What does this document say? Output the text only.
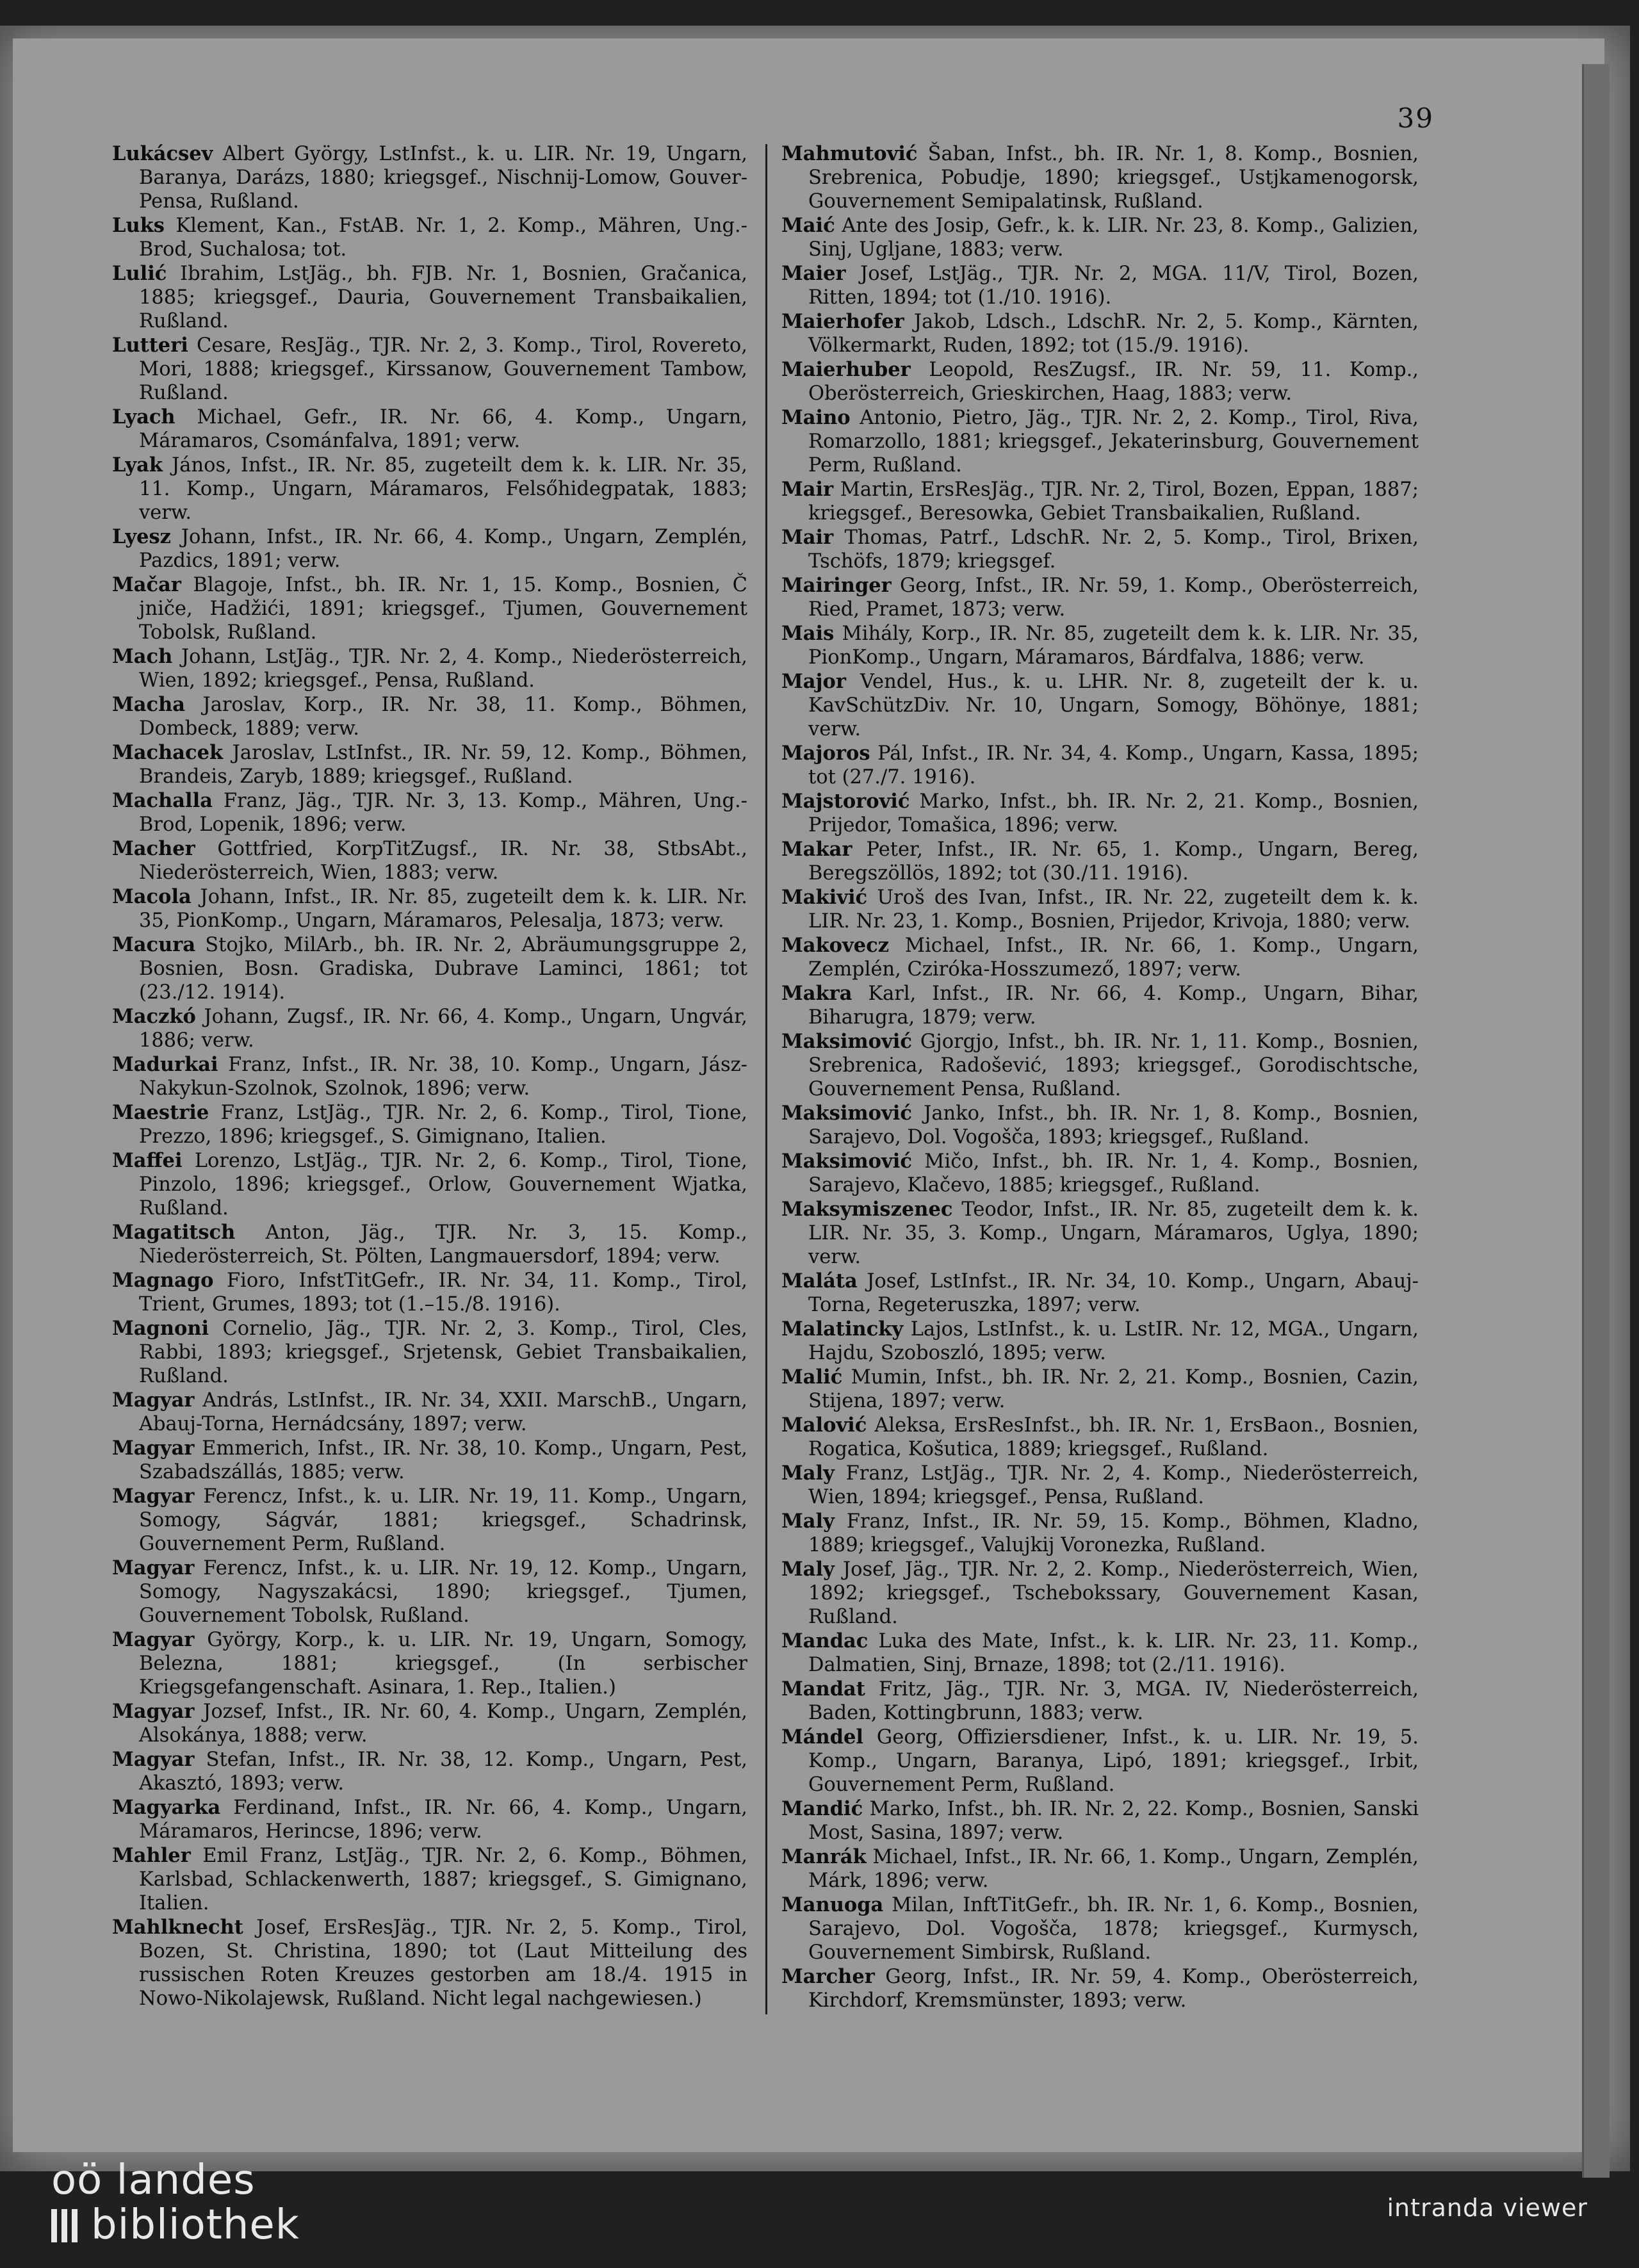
39

Lukácsev Albert György, LstInfst., k. u. LIR. Nr. 19, Ungarn, Baranya, Darázs, 1880; kriegsgef., Nischnij-Lomow, Gouver- Pensa, Rußland.

Luks Klement, Kan., FstAB. Nr. 1, 2. Komp., Mähren, Ung.-Brod, Suchalosa; tot.

Lulić Ibrahim, LstJäg., bh. FJB. Nr. 1, Bosnien, Gračanica, 1885; kriegsgef., Dauria, Gouvernement Transbaikalien, Rußland.

Lutteri Cesare, ResJäg., TJR. Nr. 2, 3. Komp., Tirol, Rovereto, Mori, 1888; kriegsgef., Kirssanow, Gouvernement Tambow, Rußland.

Lyach Michael, Gefr., IR. Nr. 66, 4. Komp., Ungarn, Máramaros, Csománfalva, 1891; verw.

Lyak János, Infst., IR. Nr. 85, zugeteilt dem k. k. LIR. Nr. 35, 11. Komp., Ungarn, Máramaros, Felsőhidegpatak, 1883; verw.

Lyesz Johann, Infst., IR. Nr. 66, 4. Komp., Ungarn, Zemplén, Pazdics, 1891; verw.

Mačar Blagoje, Infst., bh. IR. Nr. 1, 15. Komp., Bosnien, Č jniče, Hadžići, 1891; kriegsgef., Tjumen, Gouvernement Tobolsk, Rußland.

Mach Johann, LstJäg., TJR. Nr. 2, 4. Komp., Niederösterreich, Wien, 1892; kriegsgef., Pensa, Rußland.

Macha Jaroslav, Korp., IR. Nr. 38, 11. Komp., Böhmen, Dombeck, 1889; verw.

Machacek Jaroslav, LstInfst., IR. Nr. 59, 12. Komp., Böhmen, Brandeis, Zaryb, 1889; kriegsgef., Rußland.

Machalla Franz, Jäg., TJR. Nr. 3, 13. Komp., Mähren, Ung.-Brod, Lopenik, 1896; verw.

Macher Gottfried, KorpTitZugsf., IR. Nr. 38, StbsAbt., Niederösterreich, Wien, 1883; verw.

Macola Johann, Infst., IR. Nr. 85, zugeteilt dem k. k. LIR. Nr. 35, PionKomp., Ungarn, Máramaros, Pelesalja, 1873; verw.

Macura Stojko, MilArb., bh. IR. Nr. 2, Abräumungsgruppe 2, Bosnien, Bosn. Gradiska, Dubrave Laminci, 1861; tot (23./12. 1914).

Maczkó Johann, Zugsf., IR. Nr. 66, 4. Komp., Ungarn, Ungvár, 1886; verw.

Madurkai Franz, Infst., IR. Nr. 38, 10. Komp., Ungarn, Jász-Nakykun-Szolnok, Szolnok, 1896; verw.

Maestrie Franz, LstJäg., TJR. Nr. 2, 6. Komp., Tirol, Tione, Prezzo, 1896; kriegsgef., S. Gimignano, Italien.

Maffei Lorenzo, LstJäg., TJR. Nr. 2, 6. Komp., Tirol, Tione, Pinzolo, 1896; kriegsgef., Orlow, Gouvernement Wjatka, Rußland.

Magatitsch Anton, Jäg., TJR. Nr. 3, 15. Komp., Niederösterreich, St. Pölten, Langmauersdorf, 1894; verw.

Magnago Fioro, InfstTitGefr., IR. Nr. 34, 11. Komp., Tirol, Trient, Grumes, 1893; tot (1.–15./8. 1916).

Magnoni Cornelio, Jäg., TJR. Nr. 2, 3. Komp., Tirol, Cles, Rabbi, 1893; kriegsgef., Srjetensk, Gebiet Transbaikalien, Rußland.

Magyar András, LstInfst., IR. Nr. 34, XXII. MarschB., Ungarn, Abauj-Torna, Hernádcsány, 1897; verw.

Magyar Emmerich, Infst., IR. Nr. 38, 10. Komp., Ungarn, Pest, Szabadszállás, 1885; verw.

Magyar Ferencz, Infst., k. u. LIR. Nr. 19, 11. Komp., Ungarn, Somogy, Ságvár, 1881; kriegsgef., Schadrinsk, Gouvernement Perm, Rußland.

Magyar Ferencz, Infst., k. u. LIR. Nr. 19, 12. Komp., Ungarn, Somogy, Nagyszakácsi, 1890; kriegsgef., Tjumen, Gouvernement Tobolsk, Rußland.

Magyar György, Korp., k. u. LIR. Nr. 19, Ungarn, Somogy, Belezna, 1881; kriegsgef., (In serbischer Kriegsgefangenschaft. Asinara, 1. Rep., Italien.)

Magyar Jozsef, Infst., IR. Nr. 60, 4. Komp., Ungarn, Zemplén, Alsokánya, 1888; verw.

Magyar Stefan, Infst., IR. Nr. 38, 12. Komp., Ungarn, Pest, Akasztó, 1893; verw.

Magyarka Ferdinand, Infst., IR. Nr. 66, 4. Komp., Ungarn, Máramaros, Herincse, 1896; verw.

Mahler Emil Franz, LstJäg., TJR. Nr. 2, 6. Komp., Böhmen, Karlsbad, Schlackenwerth, 1887; kriegsgef., S. Gimignano, Italien.

Mahlknecht Josef, ErsResJäg., TJR. Nr. 2, 5. Komp., Tirol, Bozen, St. Christina, 1890; tot (Laut Mitteilung des russischen Roten Kreuzes gestorben am 18./4. 1915 in Nowo-Nikolajewsk, Rußland. Nicht legal nachgewiesen.)

Mahmutović Šaban, Infst., bh. IR. Nr. 1, 8. Komp., Bosnien, Srebrenica, Pobudje, 1890; kriegsgef., Ustjkamenogorsk, Gouvernement Semipalatinsk, Rußland.

Maić Ante des Josip, Gefr., k. k. LIR. Nr. 23, 8. Komp., Galizien, Sinj, Ugljane, 1883; verw.

Maier Josef, LstJäg., TJR. Nr. 2, MGA. 11/V, Tirol, Bozen, Ritten, 1894; tot (1./10. 1916).

Maierhofer Jakob, Ldsch., LdschR. Nr. 2, 5. Komp., Kärnten, Völkermarkt, Ruden, 1892; tot (15./9. 1916).

Maierhuber Leopold, ResZugsf., IR. Nr. 59, 11. Komp., Oberösterreich, Grieskirchen, Haag, 1883; verw.

Maino Antonio, Pietro, Jäg., TJR. Nr. 2, 2. Komp., Tirol, Riva, Romarzollo, 1881; kriegsgef., Jekaterinsburg, Gouvernement Perm, Rußland.

Mair Martin, ErsResJäg., TJR. Nr. 2, Tirol, Bozen, Eppan, 1887; kriegsgef., Beresowka, Gebiet Transbaikalien, Rußland.

Mair Thomas, Patrf., LdschR. Nr. 2, 5. Komp., Tirol, Brixen, Tschöfs, 1879; kriegsgef.

Mairinger Georg, Infst., IR. Nr. 59, 1. Komp., Oberösterreich, Ried, Pramet, 1873; verw.

Mais Mihály, Korp., IR. Nr. 85, zugeteilt dem k. k. LIR. Nr. 35, PionKomp., Ungarn, Máramaros, Bárdfalva, 1886; verw.

Major Vendel, Hus., k. u. LHR. Nr. 8, zugeteilt der k. u. KavSchützDiv. Nr. 10, Ungarn, Somogy, Böhönye, 1881; verw.

Majoros Pál, Infst., IR. Nr. 34, 4. Komp., Ungarn, Kassa, 1895; tot (27./7. 1916).

Majstorović Marko, Infst., bh. IR. Nr. 2, 21. Komp., Bosnien, Prijedor, Tomašica, 1896; verw.

Makar Peter, Infst., IR. Nr. 65, 1. Komp., Ungarn, Bereg, Beregszöllös, 1892; tot (30./11. 1916).

Makivić Uroš des Ivan, Infst., IR. Nr. 22, zugeteilt dem k. k. LIR. Nr. 23, 1. Komp., Bosnien, Prijedor, Krivoja, 1880; verw.

Makovecz Michael, Infst., IR. Nr. 66, 1. Komp., Ungarn, Zemplén, Cziróka-Hosszumező, 1897; verw.

Makra Karl, Infst., IR. Nr. 66, 4. Komp., Ungarn, Bihar, Biharugra, 1879; verw.

Maksimović Gjorgjo, Infst., bh. IR. Nr. 1, 11. Komp., Bosnien, Srebrenica, Radošević, 1893; kriegsgef., Gorodischtsche, Gouvernement Pensa, Rußland.

Maksimović Janko, Infst., bh. IR. Nr. 1, 8. Komp., Bosnien, Sarajevo, Dol. Vogošča, 1893; kriegsgef., Rußland.

Maksimović Mičo, Infst., bh. IR. Nr. 1, 4. Komp., Bosnien, Sarajevo, Klačevo, 1885; kriegsgef., Rußland.

Maksymiszenec Teodor, Infst., IR. Nr. 85, zugeteilt dem k. k. LIR. Nr. 35, 3. Komp., Ungarn, Máramaros, Uglya, 1890; verw.

Maláta Josef, LstInfst., IR. Nr. 34, 10. Komp., Ungarn, Abauj-Torna, Regeteruszka, 1897; verw.

Malatincky Lajos, LstInfst., k. u. LstIR. Nr. 12, MGA., Ungarn, Hajdu, Szoboszló, 1895; verw.

Malić Mumin, Infst., bh. IR. Nr. 2, 21. Komp., Bosnien, Cazin, Stijena, 1897; verw.

Malović Aleksa, ErsResInfst., bh. IR. Nr. 1, ErsBaon., Bosnien, Rogatica, Košutica, 1889; kriegsgef., Rußland.

Maly Franz, LstJäg., TJR. Nr. 2, 4. Komp., Niederösterreich, Wien, 1894; kriegsgef., Pensa, Rußland.

Maly Franz, Infst., IR. Nr. 59, 15. Komp., Böhmen, Kladno, 1889; kriegsgef., Valujkij Voronezka, Rußland.

Maly Josef, Jäg., TJR. Nr. 2, 2. Komp., Niederösterreich, Wien, 1892; kriegsgef., Tschebokssary, Gouvernement Kasan, Rußland.

Mandac Luka des Mate, Infst., k. k. LIR. Nr. 23, 11. Komp., Dalmatien, Sinj, Brnaze, 1898; tot (2./11. 1916).

Mandat Fritz, Jäg., TJR. Nr. 3, MGA. IV, Niederösterreich, Baden, Kottingbrunn, 1883; verw.

Mándel Georg, Offiziersdiener, Infst., k. u. LIR. Nr. 19, 5. Komp., Ungarn, Baranya, Lipó, 1891; kriegsgef., Irbit, Gouvernement Perm, Rußland.

Mandić Marko, Infst., bh. IR. Nr. 2, 22. Komp., Bosnien, Sanski Most, Sasina, 1897; verw.

Manrák Michael, Infst., IR. Nr. 66, 1. Komp., Ungarn, Zemplén, Márk, 1896; verw.

Manuoga Milan, InftTitGefr., bh. IR. Nr. 1, 6. Komp., Bosnien, Sarajevo, Dol. Vogošča, 1878; kriegsgef., Kurmysch, Gouvernement Simbirsk, Rußland.

Marcher Georg, Infst., IR. Nr. 59, 4. Komp., Oberösterreich, Kirchdorf, Kremsmünster, 1893; verw.

oö landes
bibliothek	intranda viewer
